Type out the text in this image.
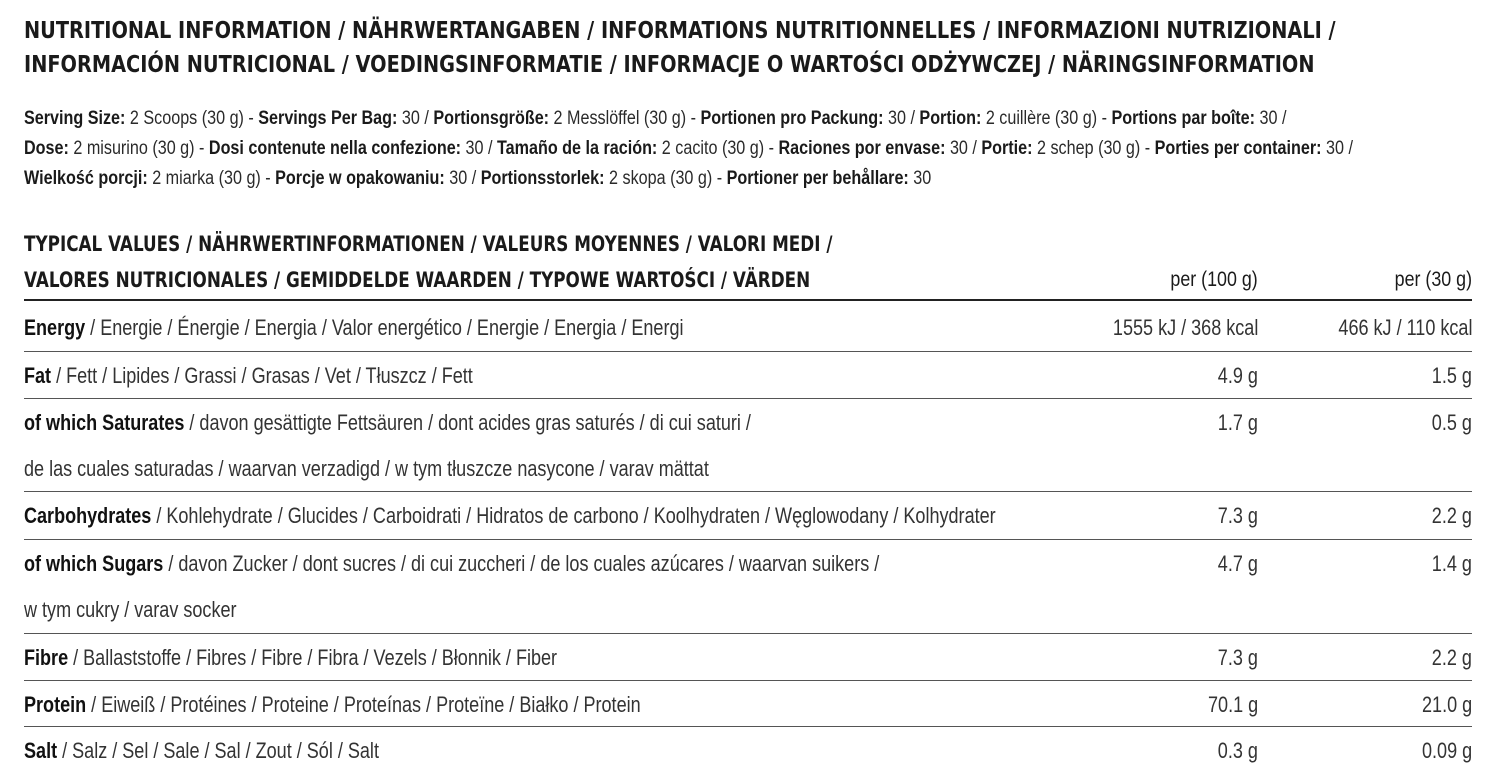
NUTRITIONAL INFORMATION / NÄHRWERTANGABEN / INFORMATIONS NUTRITIONNELLES / INFORMAZIONI NUTRIZIONALI /
INFORMACIÓN NUTRICIONAL / VOEDINGSINFORMATIE / INFORMACJE O WARTOŚCI ODŻYWCZEJ / NÄRINGSINFORMATION
Serving Size: 2 Scoops (30 g) - Servings Per Bag: 30 / Portionsgröße: 2 Messlöffel (30 g) - Portionen pro Packung: 30 / Portion: 2 cuillère (30 g) - Portions par boîte: 30 /
Dose: 2 misurino (30 g) - Dosi contenute nella confezione: 30 / Tamaño de la ración: 2 cacito (30 g) - Raciones por envase: 30 / Portie: 2 schep (30 g) - Porties per container: 30 /
Wielkość porcji: 2 miarka (30 g) - Porcje w opakowaniu: 30 / Portionsstorlek: 2 skopa (30 g) - Portioner per behållare: 30
TYPICAL VALUES / NÄHRWERTINFORMATIONEN / VALEURS MOYENNES / VALORI MEDI /
VALORES NUTRICIONALES / GEMIDDELDE WAARDEN / TYPOWE WARTOŚCI / VÄRDEN	per (100 g)	per (30 g)
Energy / Energie / Énergie / Energia / Valor energético / Energie / Energia / Energi	1555 kJ / 368 kcal	466 kJ / 110 kcal
Fat / Fett / Lipides / Grassi / Grasas / Vet / Tłuszcz / Fett	4.9 g	1.5 g
of which Saturates / davon gesättigte Fettsäuren / dont acides gras saturés / di cui saturi /	1.7 g	0.5 g
de las cuales saturadas / waarvan verzadigd / w tym tłuszcze nasycone / varav mättat
Carbohydrates / Kohlehydrate / Glucides / Carboidrati / Hidratos de carbono / Koolhydraten / Węglowodany / Kolhydrater	7.3 g	2.2 g
of which Sugars / davon Zucker / dont sucres / di cui zuccheri / de los cuales azúcares / waarvan suikers /	4.7 g	1.4 g
w tym cukry / varav socker
Fibre / Ballaststoffe / Fibres / Fibre / Fibra / Vezels / Błonnik / Fiber	7.3 g	2.2 g
Protein / Eiweiß / Protéines / Proteine / Proteínas / Proteïne / Białko / Protein	70.1 g	21.0 g
Salt / Salz / Sel / Sale / Sal / Zout / Sól / Salt	0.3 g	0.09 g
